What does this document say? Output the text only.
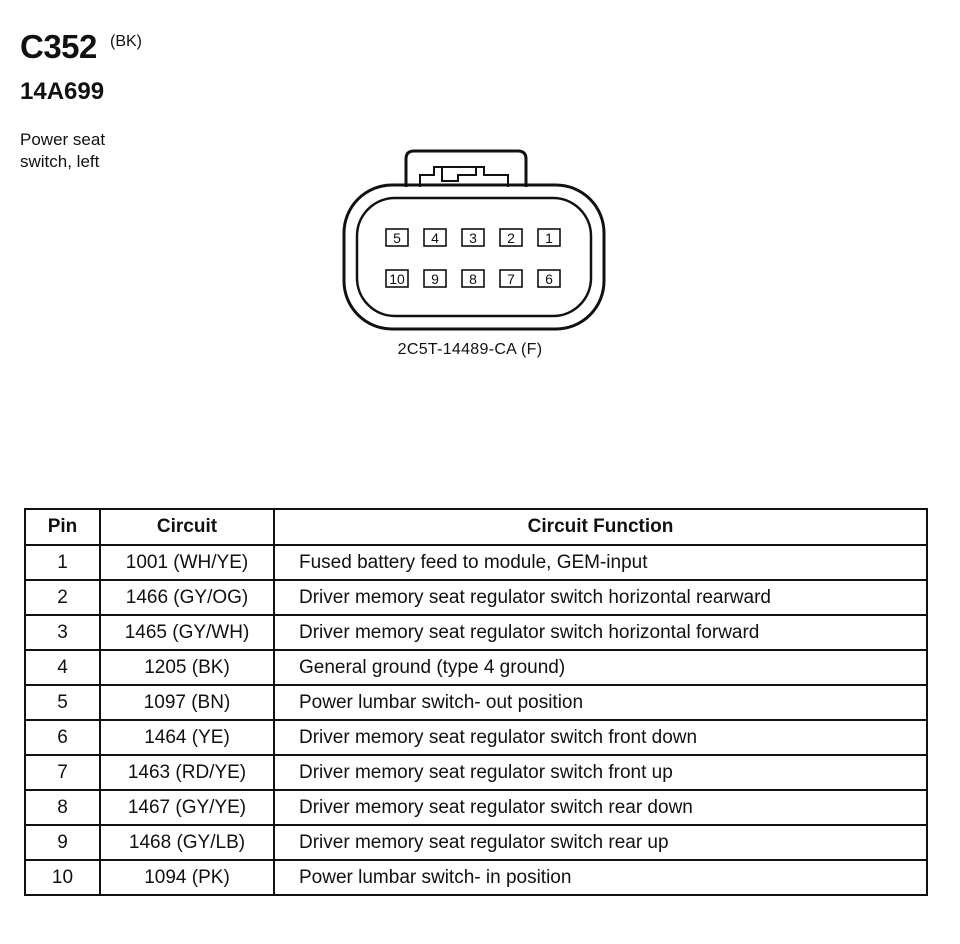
C352 (BK)
14A699
Power seat
switch, left
5 4 3 2 1
10 9 8 7 6
2C5T-14489-CA (F)
Pin	Circuit	Circuit Function
1	1001 (WH/YE)	Fused battery feed to module, GEM-input
2	1466 (GY/OG)	Driver memory seat regulator switch horizontal rearward
3	1465 (GY/WH)	Driver memory seat regulator switch horizontal forward
4	1205 (BK)	General ground (type 4 ground)
5	1097 (BN)	Power lumbar switch- out position
6	1464 (YE)	Driver memory seat regulator switch front down
7	1463 (RD/YE)	Driver memory seat regulator switch front up
8	1467 (GY/YE)	Driver memory seat regulator switch rear down
9	1468 (GY/LB)	Driver memory seat regulator switch rear up
10	1094 (PK)	Power lumbar switch- in position
